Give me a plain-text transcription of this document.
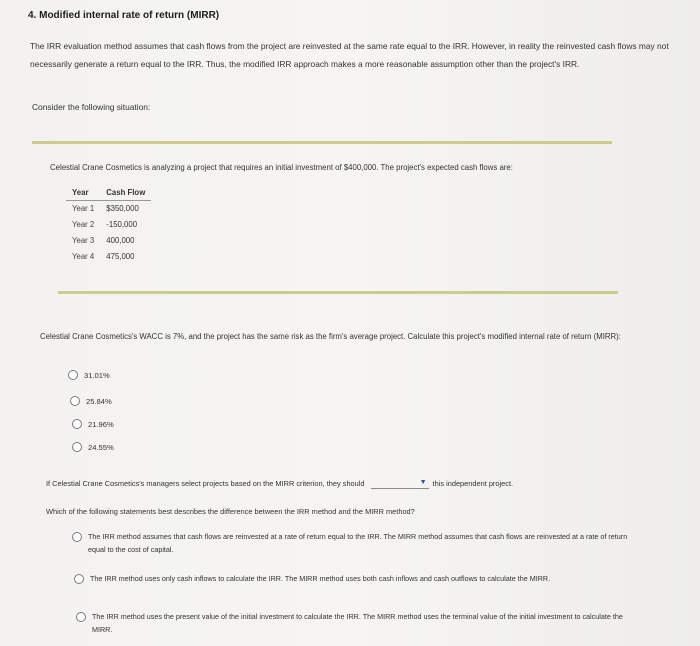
4. Modified internal rate of return (MIRR)
The IRR evaluation method assumes that cash flows from the project are reinvested at the same rate equal to the IRR. However, in reality the reinvested cash flows may not necessarily generate a return equal to the IRR. Thus, the modified IRR approach makes a more reasonable assumption other than the project's IRR.
Consider the following situation:
Celestial Crane Cosmetics is analyzing a project that requires an initial investment of $400,000. The project's expected cash flows are:
Year	Cash Flow
Year 1	$350,000
Year 2	-150,000
Year 3	400,000
Year 4	475,000
Celestial Crane Cosmetics's WACC is 7%, and the project has the same risk as the firm's average project. Calculate this project's modified internal rate of return (MIRR):
31.01%
25.84%
21.96%
24.55%
If Celestial Crane Cosmetics's managers select projects based on the MIRR criterion, they should	▼ this independent project.
Which of the following statements best describes the difference between the IRR method and the MIRR method?
The IRR method assumes that cash flows are reinvested at a rate of return equal to the IRR. The MIRR method assumes that cash flows are reinvested at a rate of return equal to the cost of capital.
The IRR method uses only cash inflows to calculate the IRR. The MIRR method uses both cash inflows and cash outflows to calculate the MIRR.
The IRR method uses the present value of the initial investment to calculate the IRR. The MIRR method uses the terminal value of the initial investment to calculate the MIRR.
